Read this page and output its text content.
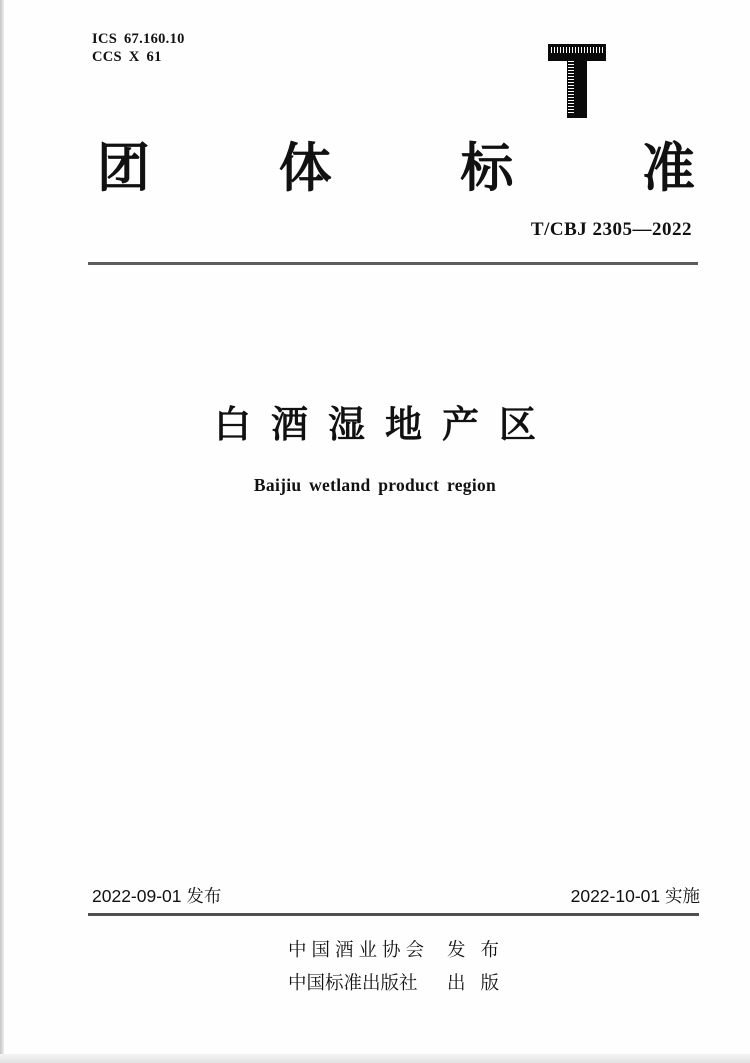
ICS 67.160.10
CCS X 61
团 体 标 准
T/CBJ 2305—2022
白酒湿地产区
Baijiu wetland product region
2022-09-01 发布	2022-10-01 实施
中国酒业协会 发布
中国标准出版社 出版
